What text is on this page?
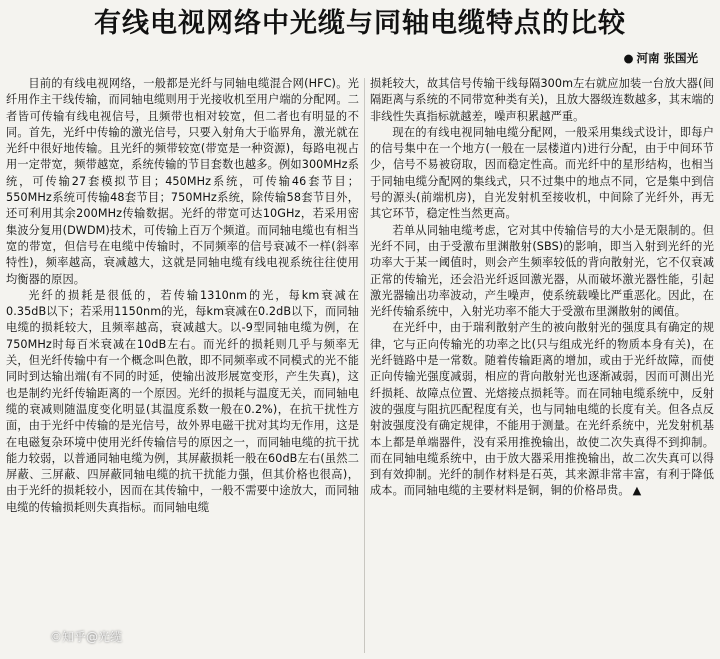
有线电视网络中光缆与同轴电缆特点的比较
● 河南 张国光

目前的有线电视网络，一般都是光纤与同轴电缆混合网(HFC)。光纤用作主干线传输，而同轴电缆则用于光接收机至用户端的分配网。二者皆可传输有线电视信号，且频带也相对较宽，但二者也有明显的不同。首先，光纤中传输的激光信号，只要入射角大于临界角，激光就在光纤中很好地传输。且光纤的频带较宽(带宽是一种资源)，每路电视占用一定带宽，频带越宽，系统传输的节目套数也越多。例如300MHz系统，可传输27套模拟节目；450MHz系统，可传输46套节目；550MHz系统可传输48套节目；750MHz系统，除传输58套节目外，还可利用其余200MHz传输数据。光纤的带宽可达10GHz，若采用密集波分复用(DWDM)技术，可传输上百万个频道。而同轴电缆也有相当宽的带宽，但信号在电缆中传输时，不同频率的信号衰减不一样(斜率特性)，频率越高，衰减越大，这就是同轴电缆有线电视系统往往使用均衡器的原因。

光纤的损耗是很低的，若传输1310nm的光，每km衰减在0.35dB以下；若采用1150nm的光，每km衰减在0.2dB以下，而同轴电缆的损耗较大，且频率越高，衰减越大。以-9型同轴电缆为例，在750MHz时每百米衰减在10dB左右。而光纤的损耗则几乎与频率无关，但光纤传输中有一个概念叫色散，即不同频率或不同模式的光不能同时到达输出端(有不同的时延，使输出波形展宽变形，产生失真)，这也是制约光纤传输距离的一个原因。光纤的损耗与温度无关，而同轴电缆的衰减则随温度变化明显(其温度系数一般在0.2%)，在抗干扰性方面，由于光纤中传输的是光信号，故外界电磁干扰对其均无作用，这是在电磁复杂环境中使用光纤传输信号的原因之一，而同轴电缆的抗干扰能力较弱，以普通同轴电缆为例，其屏蔽损耗一般在60dB左右(虽然二屏蔽、三屏蔽、四屏蔽同轴电缆的抗干扰能力强，但其价格也很高)，由于光纤的损耗较小，因而在其传输中，一般不需要中途放大，而同轴电缆的传输损耗则失真指标。而同轴电缆

损耗较大，故其信号传输干线每隔300m左右就应加装一台放大器(间隔距离与系统的不同带宽种类有关)，且放大器级连数越多，其末端的非线性失真指标就越差，噪声积累越严重。

现在的有线电视同轴电缆分配网，一般采用集线式设计，即每户的信号集中在一个地方(一般在一层楼道内)进行分配，由于中间环节少，信号不易被窃取，因而稳定性高。而光纤中的星形结构，也相当于同轴电缆分配网的集线式，只不过集中的地点不同，它是集中到信号的源头(前端机房)，自光发射机至接收机，中间除了光纤外，再无其它环节，稳定性当然更高。

若单从同轴电缆考虑，它对其中传输信号的大小是无限制的。但光纤不同，由于受激布里渊散射(SBS)的影响，即当入射到光纤的光功率大于某一阈值时，则会产生频率较低的背向散射光，它不仅衰减正常的传输光，还会沿光纤返回激光器，从而破坏激光器性能，引起激光器输出功率波动，产生噪声，使系统载噪比严重恶化。因此，在光纤传输系统中，入射光功率不能大于受激布里渊散射的阈值。

在光纤中，由于瑞利散射产生的被向散射光的强度具有确定的规律，它与正向传输光的功率之比(只与组成光纤的物质本身有关)，在光纤链路中是一常数。随着传输距离的增加，或由于光纤故障，而使正向传输光强度减弱，相应的背向散射光也逐渐减弱，因而可测出光纤损耗、故障点位置、光熔接点损耗等。而在同轴电缆系统中，反射波的强度与阻抗匹配程度有关，也与同轴电缆的长度有关。但各点反射波强度没有确定规律，不能用于测量。在光纤系统中，光发射机基本上都是单端器件，没有采用推挽输出，故使二次失真得不到抑制。而在同轴电缆系统中，由于放大器采用推挽输出，故二次失真可以得到有效抑制。光纤的制作材料是石英，其来源非常丰富，有利于降低成本。而同轴电缆的主要材料是铜，铜的价格昂贵。 ▲

©知乎@光缆
